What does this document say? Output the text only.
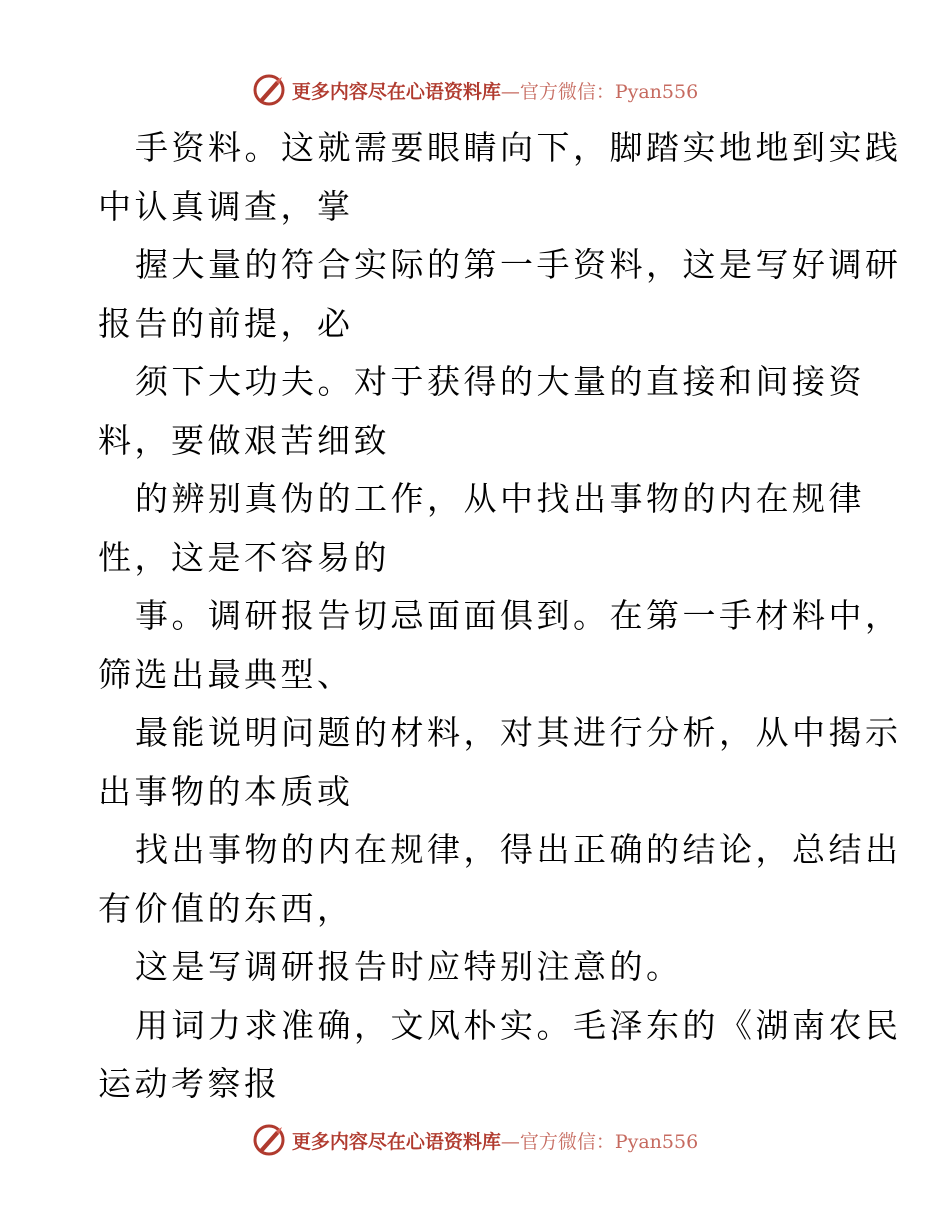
更多内容尽在心语资料库—官方微信：Pyan556
手资料。这就需要眼睛向下，脚踏实地地到实践
中认真调查，掌
握大量的符合实际的第一手资料，这是写好调研
报告的前提，必
须下大功夫。对于获得的大量的直接和间接资
料，要做艰苦细致
的辨别真伪的工作，从中找出事物的内在规律
性，这是不容易的
事。调研报告切忌面面俱到。在第一手材料中，
筛选出最典型、
最能说明问题的材料，对其进行分析，从中揭示
出事物的本质或
找出事物的内在规律，得出正确的结论，总结出
有价值的东西，
这是写调研报告时应特别注意的。
用词力求准确，文风朴实。毛泽东的《湖南农民
运动考察报
更多内容尽在心语资料库—官方微信：Pyan556
